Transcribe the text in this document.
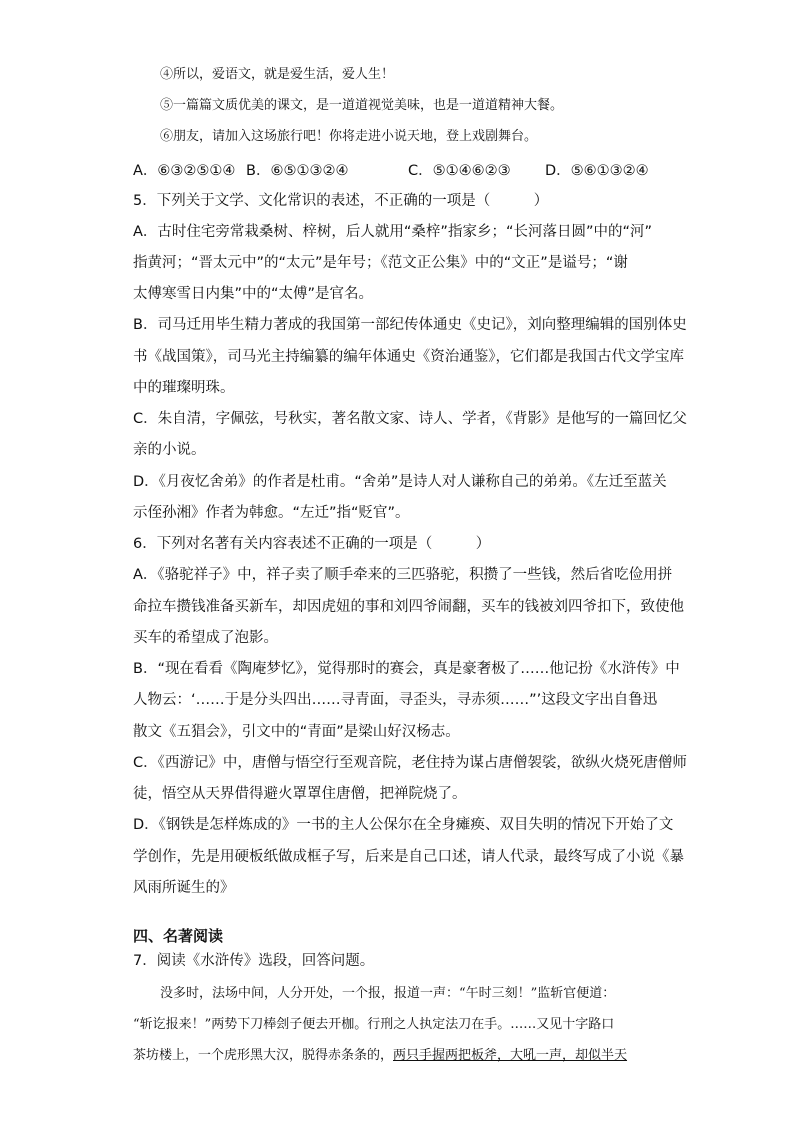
④所以，爱语文，就是爱生活，爱人生！
⑤一篇篇文质优美的课文，是一道道视觉美味，也是一道道精神大餐。
⑥朋友，请加入这场旅行吧！你将走进小说天地，登上戏剧舞台。
A．⑥③②⑤①④ B．⑥⑤①③②④	C．⑤①④⑥②③ D．⑤⑥①③②④
5．下列关于文学、文化常识的表述，不正确的一项是（　　　）
A．古时住宅旁常栽桑树、梓树，后人就用“桑梓”指家乡；“长河落日圆”中的“河”
指黄河；“晋太元中”的“太元”是年号；《范文正公集》中的“文正”是谥号；“谢
太傅寒雪日内集”中的“太傅”是官名。
B．司马迁用毕生精力著成的我国第一部纪传体通史《史记》，刘向整理编辑的国别体史
书《战国策》，司马光主持编纂的编年体通史《资治通鉴》，它们都是我国古代文学宝库
中的璀璨明珠。
C．朱自清，字佩弦，号秋实，著名散文家、诗人、学者，《背影》是他写的一篇回忆父
亲的小说。
D．《月夜忆舍弟》的作者是杜甫。“舍弟”是诗人对人谦称自己的弟弟。《左迁至蓝关
示侄孙湘》作者为韩愈。“左迁”指“贬官”。
6．下列对名著有关内容表述不正确的一项是（　　　）
A．《骆驼祥子》中，祥子卖了顺手牵来的三匹骆驼，积攒了一些钱，然后省吃俭用拼
命拉车攒钱准备买新车，却因虎妞的事和刘四爷闹翻，买车的钱被刘四爷扣下，致使他
买车的希望成了泡影。
B．“现在看看《陶庵梦忆》，觉得那时的赛会，真是豪奢极了……他记扮《水浒传》中
人物云：‘……于是分头四出……寻青面，寻歪头，寻赤须……”’这段文字出自鲁迅
散文《五猖会》，引文中的“青面”是梁山好汉杨志。
C．《西游记》中，唐僧与悟空行至观音院，老住持为谋占唐僧袈裟，欲纵火烧死唐僧师
徒，悟空从天界借得避火罩罩住唐僧，把禅院烧了。
D．《钢铁是怎样炼成的》一书的主人公保尔在全身瘫痪、双目失明的情况下开始了文
学创作，先是用硬板纸做成框子写，后来是自己口述，请人代录，最终写成了小说《暴
风雨所诞生的》
四、名著阅读
7．阅读《水浒传》选段，回答问题。
没多时，法场中间，人分开处，一个报，报道一声：“午时三刻！”监斩官便道：
“斩讫报来！”两势下刀棒刽子便去开枷。行刑之人执定法刀在手。……又见十字路口
茶坊楼上，一个虎形黑大汉，脱得赤条条的，两只手握两把板斧，大吼一声，却似半天
